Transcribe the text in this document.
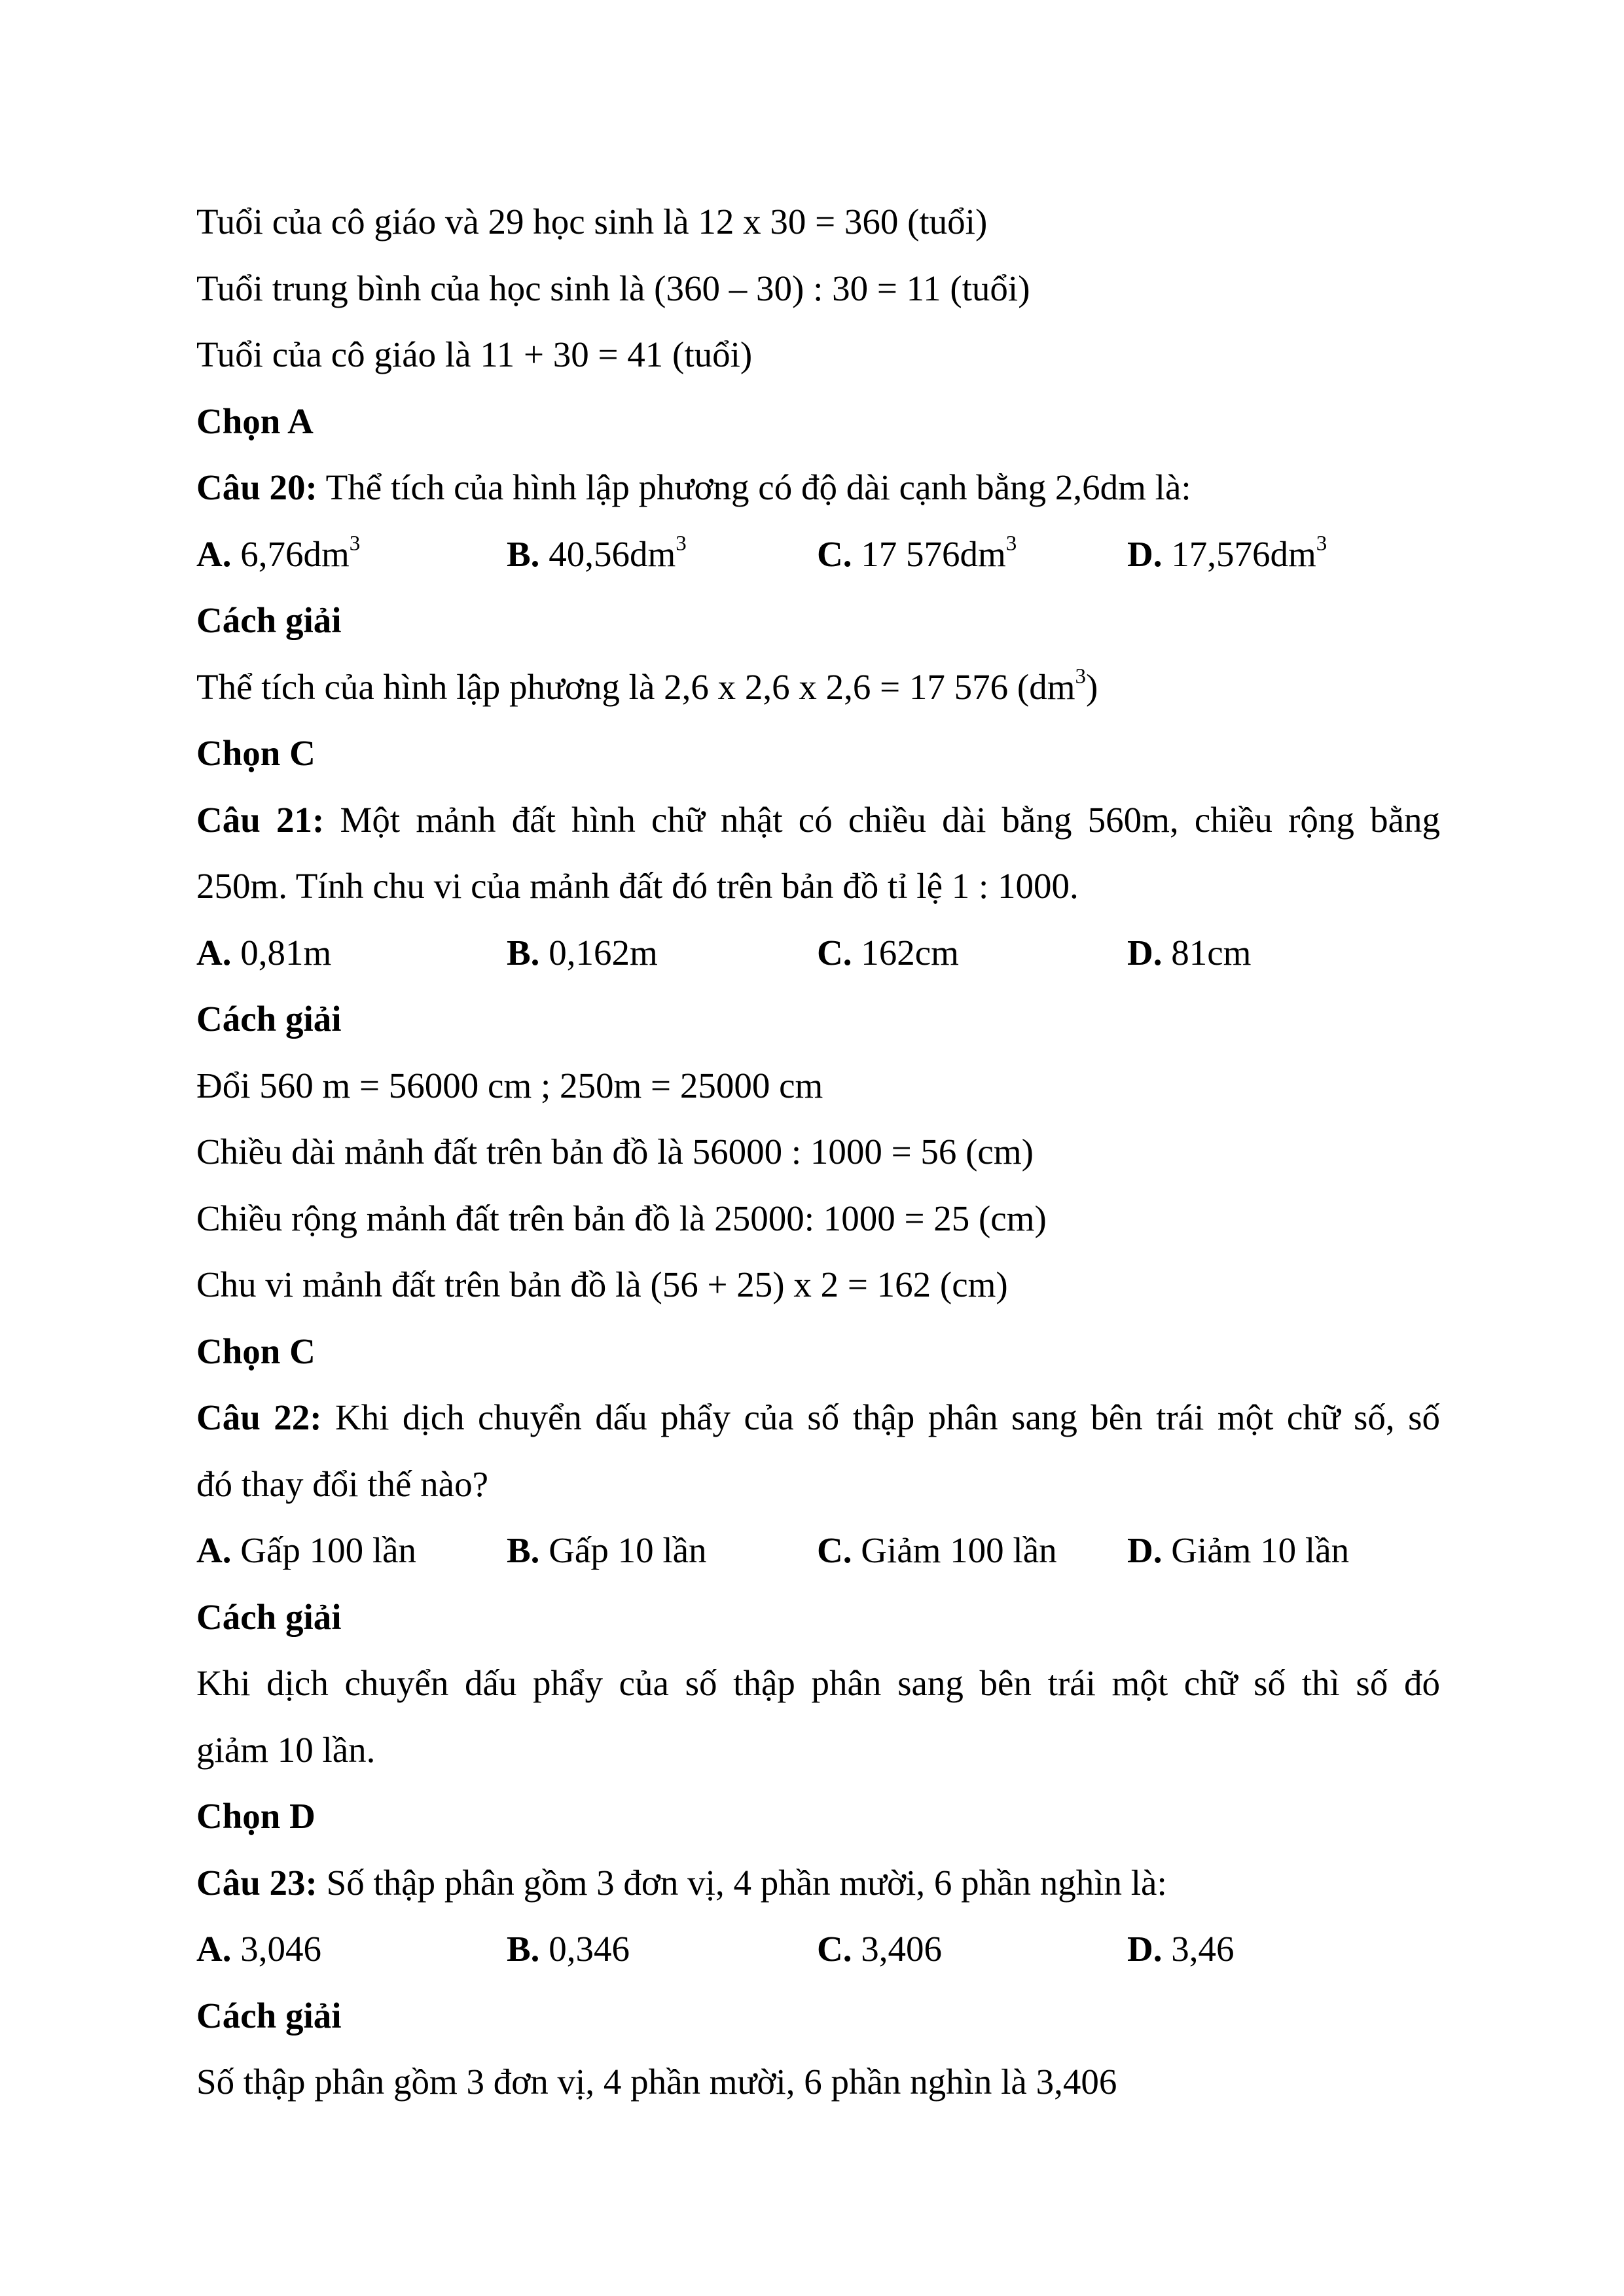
Tuổi của cô giáo và 29 học sinh là 12 x 30 = 360 (tuổi)
Tuổi trung bình của học sinh là (360 – 30) : 30 = 11 (tuổi)
Tuổi của cô giáo là 11 + 30 = 41 (tuổi)
Chọn A
Câu 20: Thể tích của hình lập phương có độ dài cạnh bằng 2,6dm là:
A. $6,76dm^3$	B. $40,56dm^3$	C. 17 $576dm^3$	D. $17,576dm^3$
Cách giải
Thể tích của hình lập phương là 2,6 x 2,6 x 2,6 = 17 576 $(dm^3)$
Chọn C
Câu 21: Một mảnh đất hình chữ nhật có chiều dài bằng 560m, chiều rộng bằng
250m. Tính chu vi của mảnh đất đó trên bản đồ tỉ lệ 1 : 1000.
A. 0,81m	B. 0,162m	C. 162cm	D. 81cm
Cách giải
Đổi 560 m = 56000 cm ; 250m = 25000 cm
Chiều dài mảnh đất trên bản đồ là 56000 : 1000 = 56 (cm)
Chiều rộng mảnh đất trên bản đồ là 25000: 1000 = 25 (cm)
Chu vi mảnh đất trên bản đồ là (56 + 25) x 2 = 162 (cm)
Chọn C
Câu 22: Khi dịch chuyển dấu phẩy của số thập phân sang bên trái một chữ số, số
đó thay đổi thế nào?
A. Gấp 100 lần	B. Gấp 10 lần	C. Giảm 100 lần	D. Giảm 10 lần
Cách giải
Khi dịch chuyển dấu phẩy của số thập phân sang bên trái một chữ số thì số đó
giảm 10 lần.
Chọn D
Câu 23: Số thập phân gồm 3 đơn vị, 4 phần mười, 6 phần nghìn là:
A. 3,046	B. 0,346	C. 3,406	D. 3,46
Cách giải
Số thập phân gồm 3 đơn vị, 4 phần mười, 6 phần nghìn là 3,406
